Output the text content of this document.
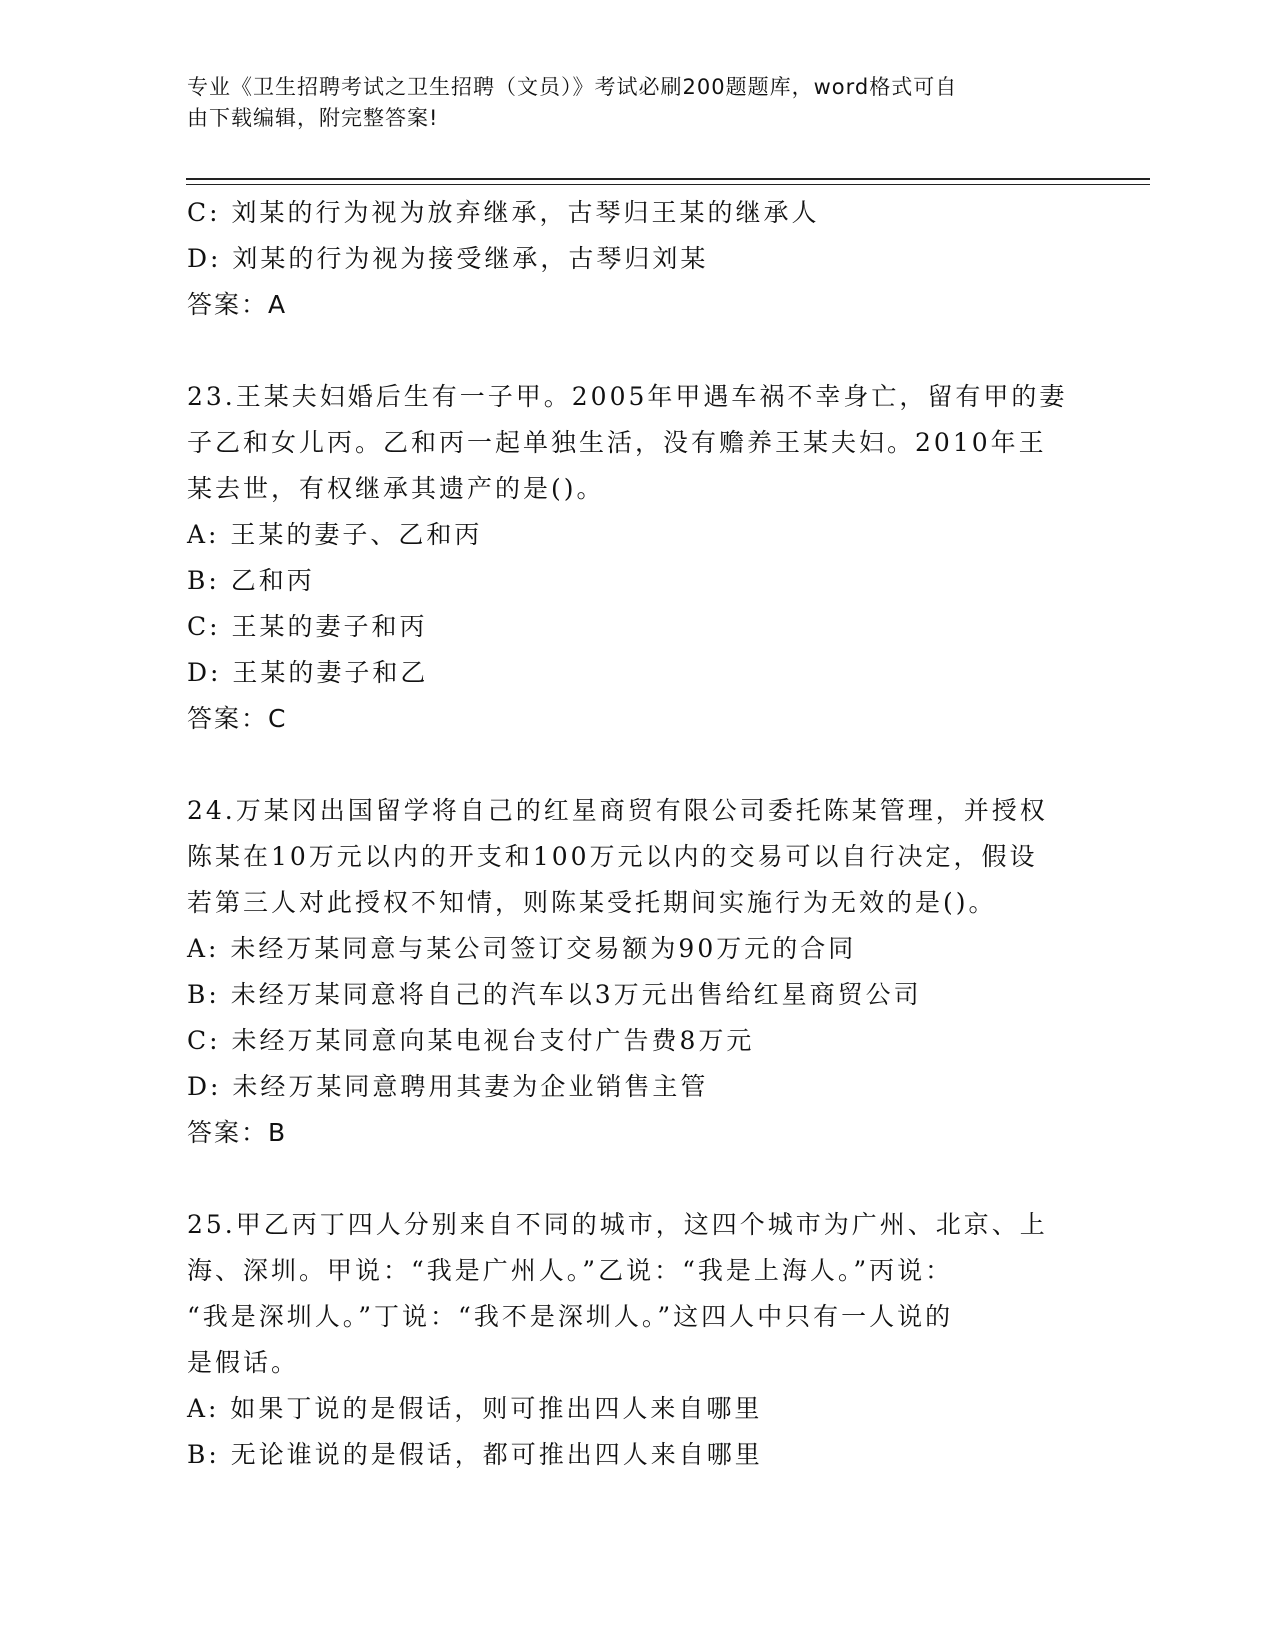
专业《卫生招聘考试之卫生招聘（文员）》考试必刷200题题库，word格式可自
由下载编辑，附完整答案!
C: 刘某的行为视为放弃继承，古琴归王某的继承人
D: 刘某的行为视为接受继承，古琴归刘某
答案：A
23.王某夫妇婚后生有一子甲。2005年甲遇车祸不幸身亡，留有甲的妻
子乙和女儿丙。乙和丙一起单独生活，没有赡养王某夫妇。2010年王
某去世，有权继承其遗产的是()。
A: 王某的妻子、乙和丙
B: 乙和丙
C: 王某的妻子和丙
D: 王某的妻子和乙
答案：C
24.万某冈出国留学将自己的红星商贸有限公司委托陈某管理，并授权
陈某在10万元以内的开支和100万元以内的交易可以自行决定，假设
若第三人对此授权不知情，则陈某受托期间实施行为无效的是()。
A: 未经万某同意与某公司签订交易额为90万元的合同
B: 未经万某同意将自己的汽车以3万元出售给红星商贸公司
C: 未经万某同意向某电视台支付广告费8万元
D: 未经万某同意聘用其妻为企业销售主管
答案：B
25.甲乙丙丁四人分别来自不同的城市，这四个城市为广州、北京、上
海、深圳。甲说：“我是广州人。”乙说：“我是上海人。”丙说：
“我是深圳人。”丁说：“我不是深圳人。”这四人中只有一人说的
是假话。
A: 如果丁说的是假话，则可推出四人来自哪里
B: 无论谁说的是假话，都可推出四人来自哪里
